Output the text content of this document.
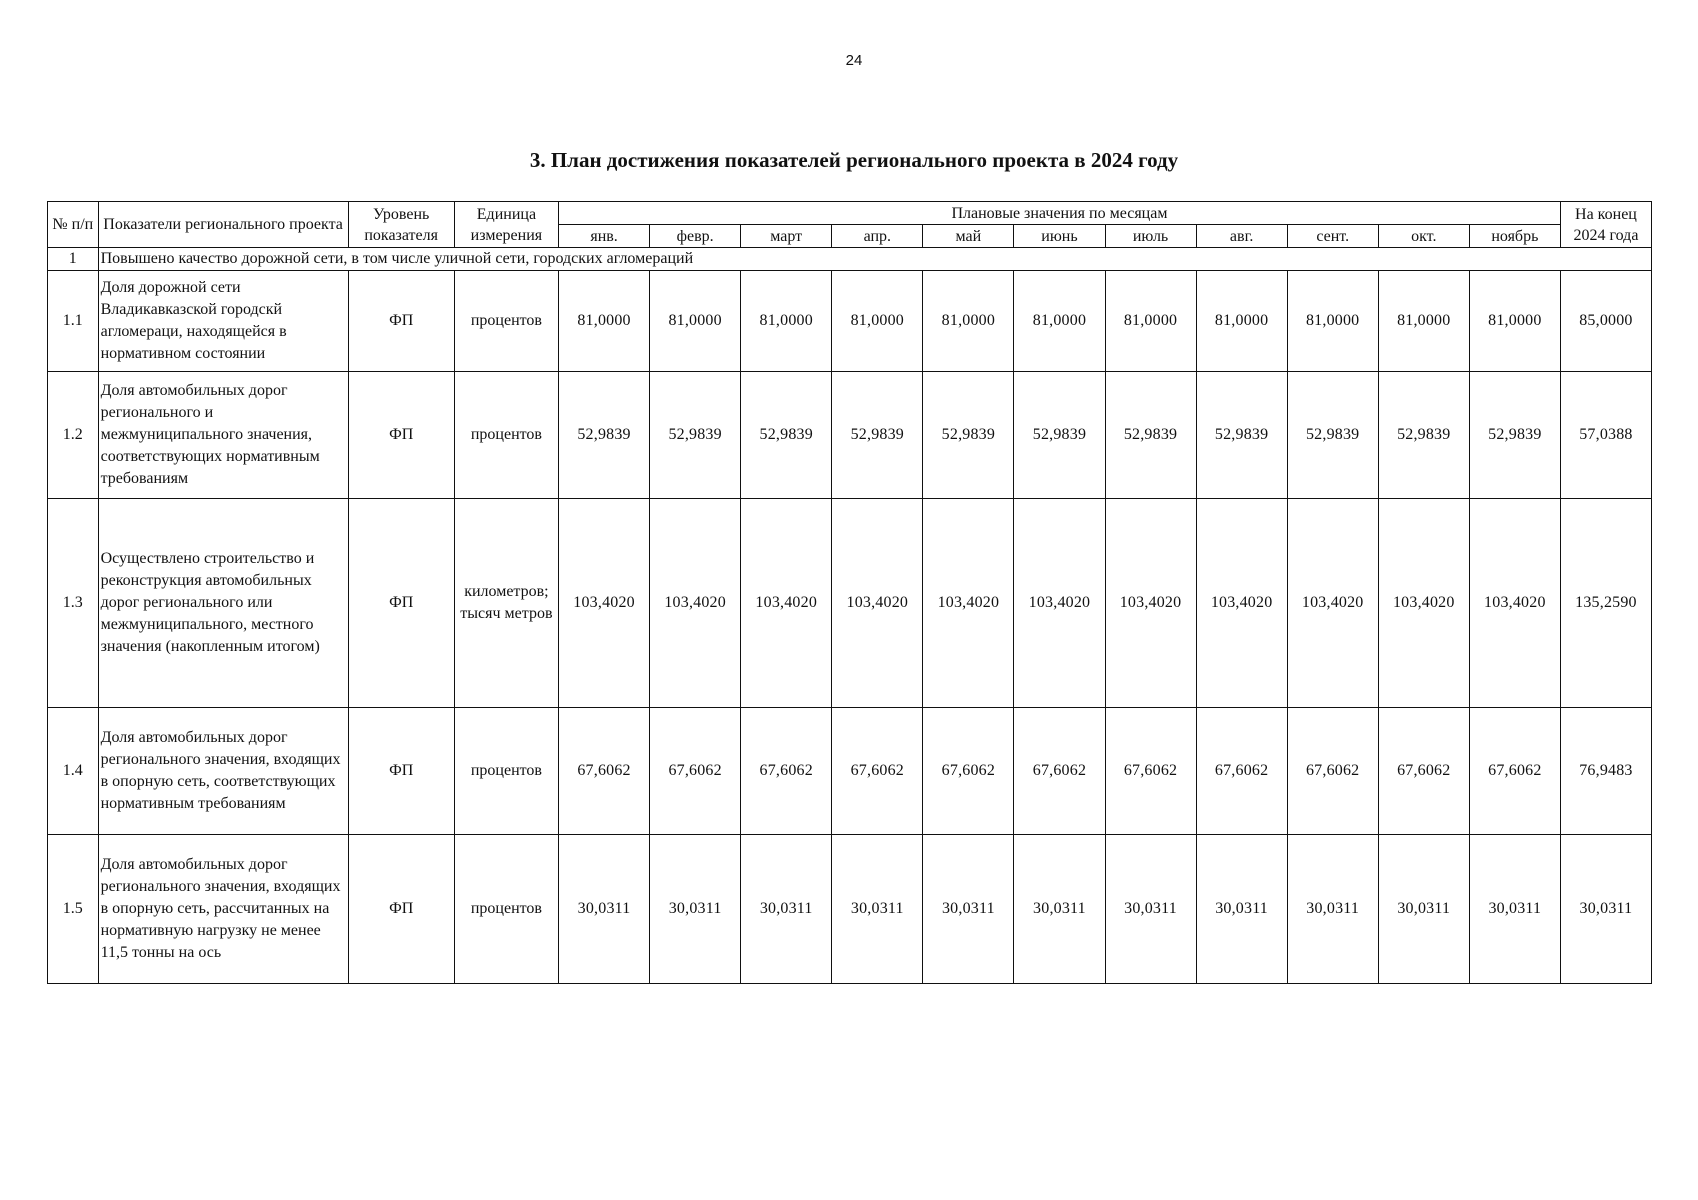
24
3. План достижения показателей регионального проекта в 2024 году
№ п/п	Показатели регионального проекта	Уровень показателя	Единица измерения	Плановые значения по месяцам											На конец 2024 года
				янв.	февр.	март	апр.	май	июнь	июль	авг.	сент.	окт.	ноябрь	
1	Повышено качество дорожной сети, в том числе уличной сети, городских агломераций														
1.1	Доля дорожной сети Владикавказской городскй агломераци, находящейся в нормативном состоянии	ФП	процентов	81,0000	81,0000	81,0000	81,0000	81,0000	81,0000	81,0000	81,0000	81,0000	81,0000	81,0000	85,0000
1.2	Доля автомобильных дорог регионального и межмуниципального значения, соответствующих нормативным требованиям	ФП	процентов	52,9839	52,9839	52,9839	52,9839	52,9839	52,9839	52,9839	52,9839	52,9839	52,9839	52,9839	57,0388
1.3	Осуществлено строительство и реконструкция автомобильных дорог регионального или межмуниципального, местного значения (накопленным итогом)	ФП	километров; тысяч метров	103,4020	103,4020	103,4020	103,4020	103,4020	103,4020	103,4020	103,4020	103,4020	103,4020	103,4020	135,2590
1.4	Доля автомобильных дорог регионального значения, входящих в опорную сеть, соответствующих нормативным требованиям	ФП	процентов	67,6062	67,6062	67,6062	67,6062	67,6062	67,6062	67,6062	67,6062	67,6062	67,6062	67,6062	76,9483
1.5	Доля автомобильных дорог регионального значения, входящих в опорную сеть, рассчитанных на нормативную нагрузку не менее 11,5 тонны на ось	ФП	процентов	30,0311	30,0311	30,0311	30,0311	30,0311	30,0311	30,0311	30,0311	30,0311	30,0311	30,0311	30,0311
